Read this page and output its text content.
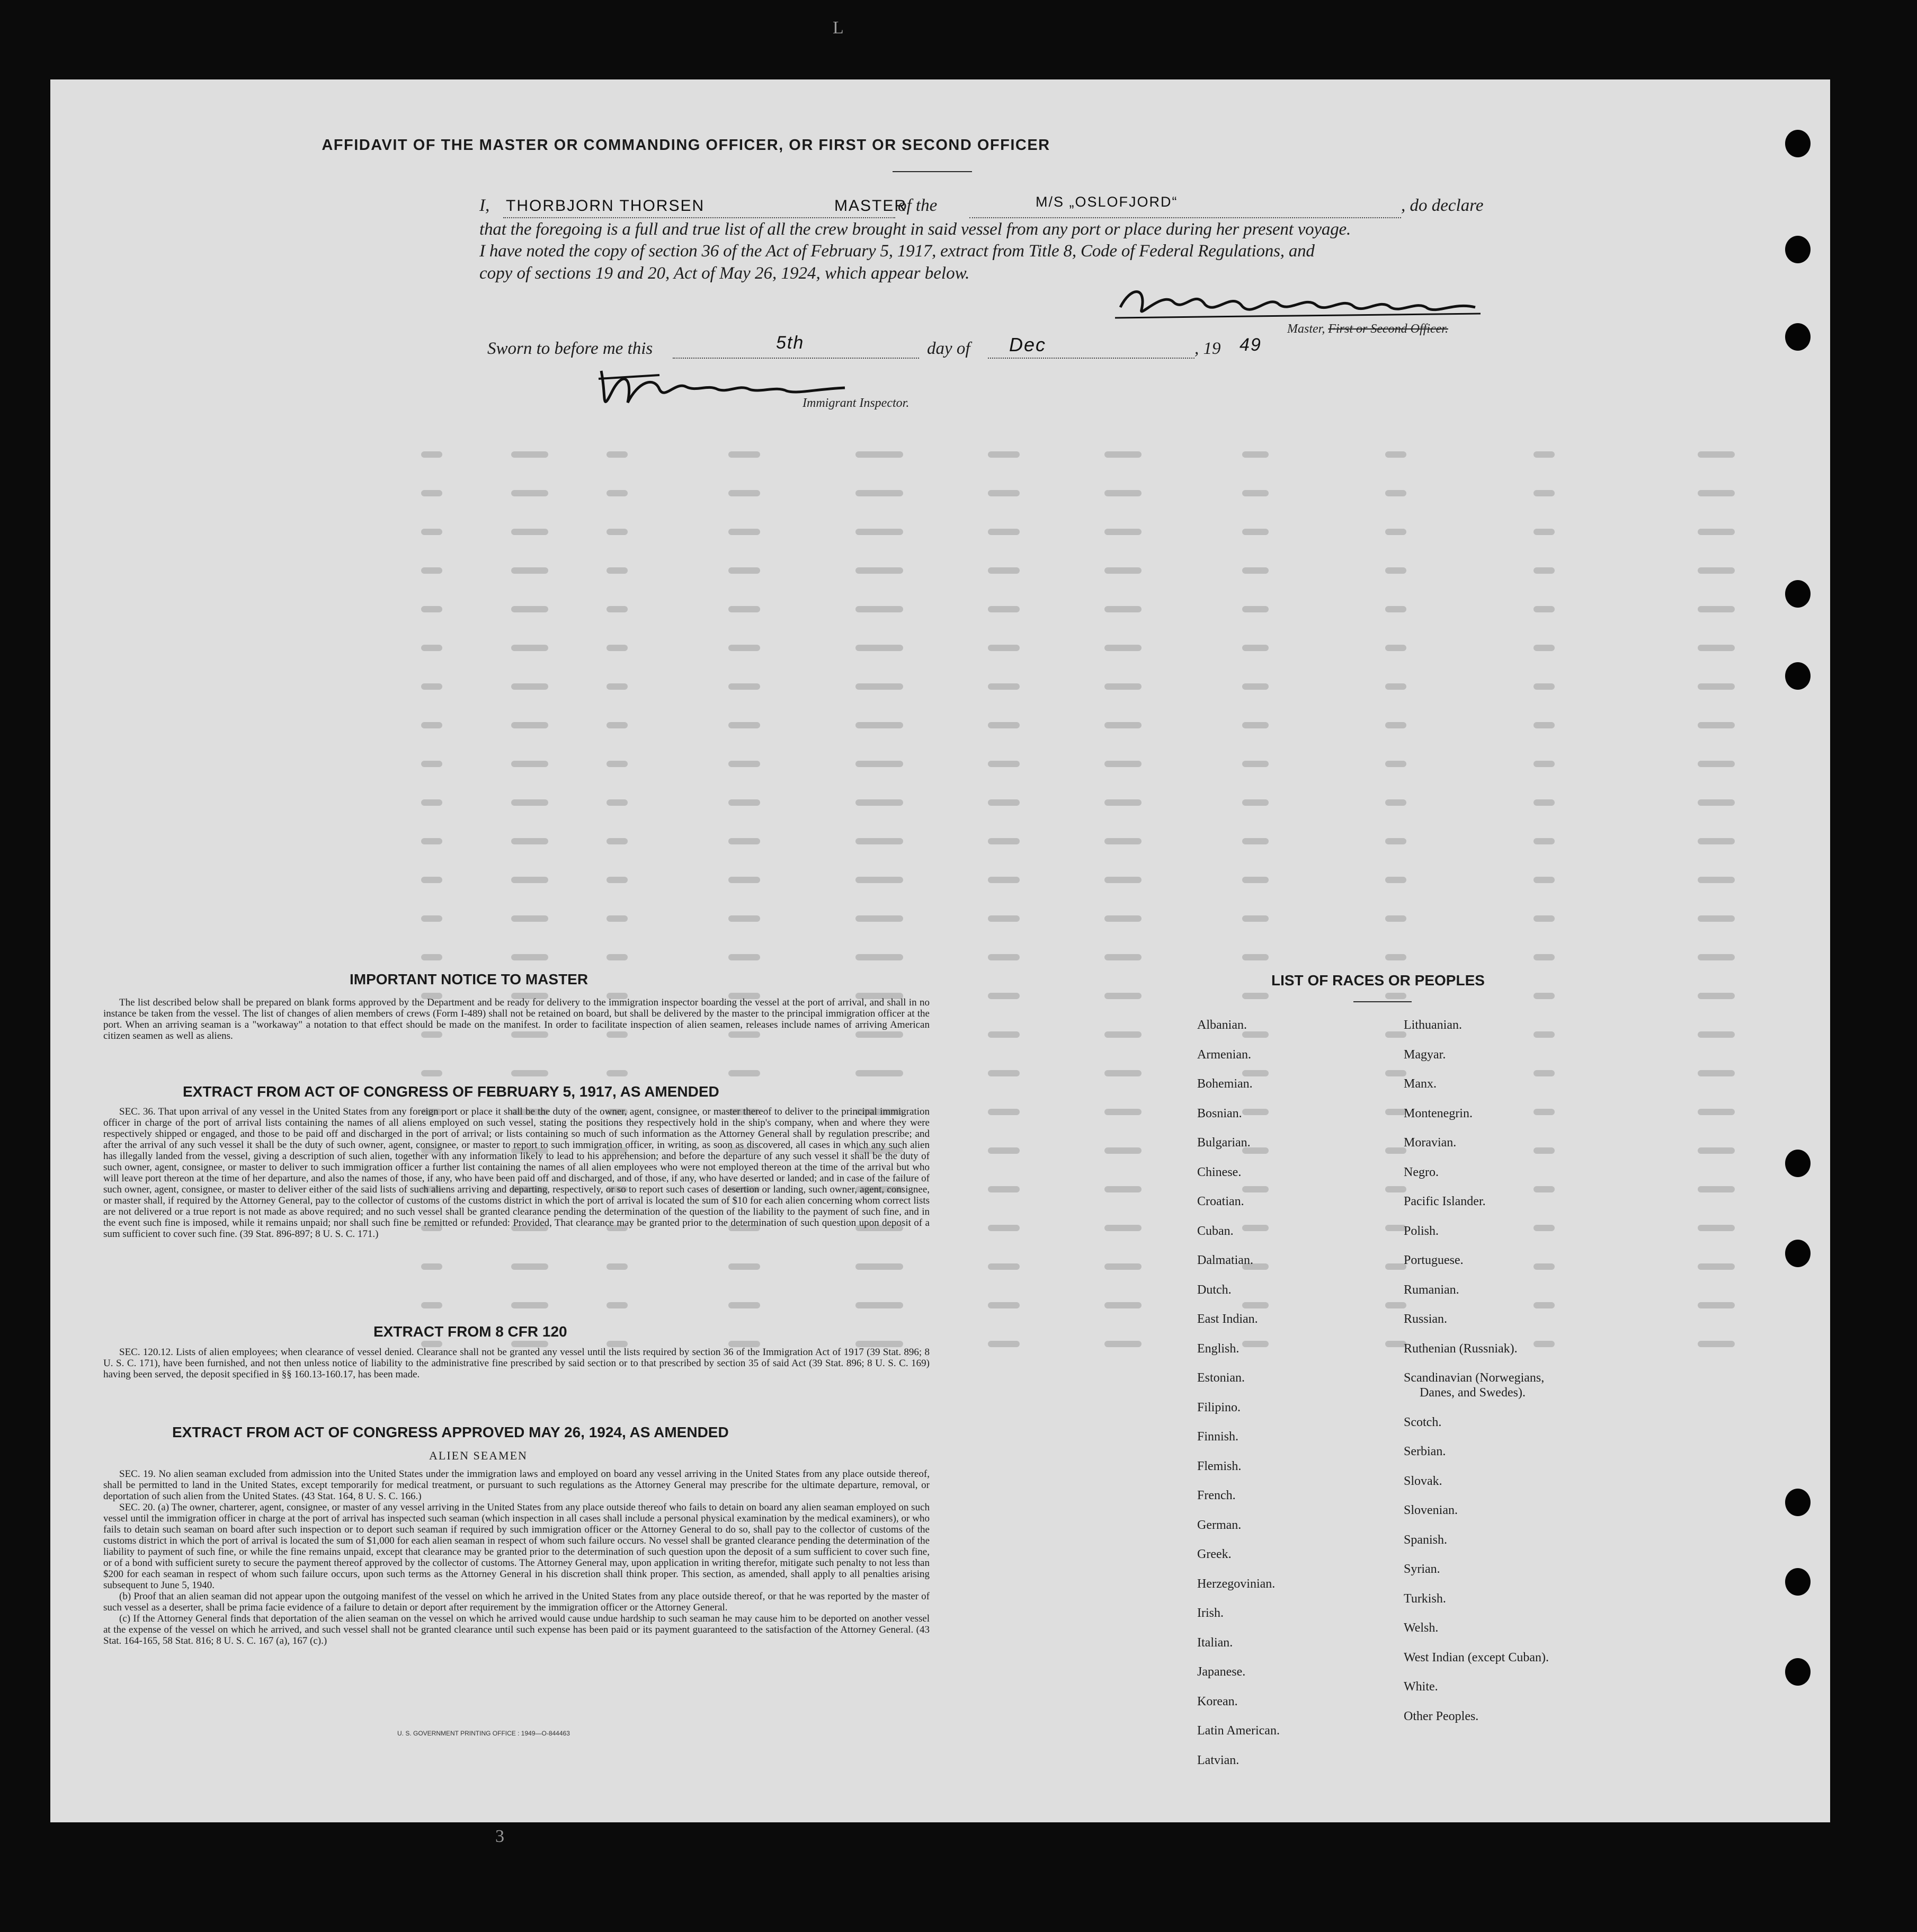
L
3
AFFIDAVIT OF THE MASTER OR COMMANDING OFFICER, OR FIRST OR SECOND OFFICER
I, THORBJORN THORSEN	MASTER
of the	M/S „OSLOFJORD“	, do declare
that the foregoing is a full and true list of all the crew brought in said vessel from any port or place during her present voyage.
I have noted the copy of section 36 of the Act of February 5, 1917, extract from Title 8, Code of Federal Regulations, and
copy of sections 19 and 20, Act of May 26, 1924, which appear below.
Master, First or Second Officer.
Sworn to before me this	5th	day of Dec	, 19 49
Immigrant Inspector.
IMPORTANT NOTICE TO MASTER

The list described below shall be prepared on blank forms approved by the Department and be ready for delivery to the immigration inspector boarding the vessel at the port of arrival, and shall in no instance be taken from the vessel. The list of changes of alien members of crews (Form I-489) shall not be retained on board, but shall be delivered by the master to the principal immigration officer at the port. When an arriving seaman is a "workaway" a notation to that effect should be made on the manifest. In order to facilitate inspection of alien seamen, releases include names of arriving American citizen seamen as well as aliens.

EXTRACT FROM ACT OF CONGRESS OF FEBRUARY 5, 1917, AS AMENDED

SEC. 36. That upon arrival of any vessel in the United States from any foreign port or place it shall be the duty of the owner, agent, consignee, or master thereof to deliver to the principal immigration officer in charge of the port of arrival lists containing the names of all aliens employed on such vessel, stating the positions they respectively hold in the ship's company, when and where they were respectively shipped or engaged, and those to be paid off and discharged in the port of arrival; or lists containing so much of such information as the Attorney General shall by regulation prescribe; and after the arrival of any such vessel it shall be the duty of such owner, agent, consignee, or master to report to such immigration officer, in writing, as soon as discovered, all cases in which any such alien has illegally landed from the vessel, giving a description of such alien, together with any information likely to lead to his apprehension; and before the departure of any such vessel it shall be the duty of such owner, agent, consignee, or master to deliver to such immigration officer a further list containing the names of all alien employees who were not employed thereon at the time of the arrival but who will leave port thereon at the time of her departure, and also the names of those, if any, who have been paid off and discharged, and of those, if any, who have deserted or landed; and in case of the failure of such owner, agent, consignee, or master to deliver either of the said lists of such aliens arriving and departing, respectively, or so to report such cases of desertion or landing, such owner, agent, consignee, or master shall, if required by the Attorney General, pay to the collector of customs of the customs district in which the port of arrival is located the sum of $10 for each alien concerning whom correct lists are not delivered or a true report is not made as above required; and no such vessel shall be granted clearance pending the determination of the question of the liability to the payment of such fine, and in the event such fine is imposed, while it remains unpaid; nor shall such fine be remitted or refunded: Provided, That clearance may be granted prior to the determination of such question upon deposit of a sum sufficient to cover such fine. (39 Stat. 896-897; 8 U. S. C. 171.)

EXTRACT FROM 8 CFR 120

SEC. 120.12. Lists of alien employees; when clearance of vessel denied. Clearance shall not be granted any vessel until the lists required by section 36 of the Immigration Act of 1917 (39 Stat. 896; 8 U. S. C. 171), have been furnished, and not then unless notice of liability to the administrative fine prescribed by said section or to that prescribed by section 35 of said Act (39 Stat. 896; 8 U. S. C. 169) having been served, the deposit specified in §§ 160.13-160.17, has been made.

EXTRACT FROM ACT OF CONGRESS APPROVED MAY 26, 1924, AS AMENDED
ALIEN SEAMEN

SEC. 19. No alien seaman excluded from admission into the United States under the immigration laws and employed on board any vessel arriving in the United States from any place outside thereof, shall be permitted to land in the United States, except temporarily for medical treatment, or pursuant to such regulations as the Attorney General may prescribe for the ultimate departure, removal, or deportation of such alien from the United States. (43 Stat. 164, 8 U. S. C. 166.)

SEC. 20. (a) The owner, charterer, agent, consignee, or master of any vessel arriving in the United States from any place outside thereof who fails to detain on board any alien seaman employed on such vessel until the immigration officer in charge at the port of arrival has inspected such seaman (which inspection in all cases shall include a personal physical examination by the medical examiners), or who fails to detain such seaman on board after such inspection or to deport such seaman if required by such immigration officer or the Attorney General to do so, shall pay to the collector of customs of the customs district in which the port of arrival is located the sum of $1,000 for each alien seaman in respect of whom such failure occurs. No vessel shall be granted clearance pending the determination of the liability to payment of such fine, or while the fine remains unpaid, except that clearance may be granted prior to the determination of such question upon the deposit of a sum sufficient to cover such fine, or of a bond with sufficient surety to secure the payment thereof approved by the collector of customs. The Attorney General may, upon application in writing therefor, mitigate such penalty to not less than $200 for each seaman in respect of whom such failure occurs, upon such terms as the Attorney General in his discretion shall think proper. This section, as amended, shall apply to all penalties arising subsequent to June 5, 1940.

(b) Proof that an alien seaman did not appear upon the outgoing manifest of the vessel on which he arrived in the United States from any place outside thereof, or that he was reported by the master of such vessel as a deserter, shall be prima facie evidence of a failure to detain or deport after requirement by the immigration officer or the Attorney General.

(c) If the Attorney General finds that deportation of the alien seaman on the vessel on which he arrived would cause undue hardship to such seaman he may cause him to be deported on another vessel at the expense of the vessel on which he arrived, and such vessel shall not be granted clearance until such expense has been paid or its payment guaranteed to the satisfaction of the Attorney General. (43 Stat. 164-165, 58 Stat. 816; 8 U. S. C. 167 (a), 167 (c).)

U. S. GOVERNMENT PRINTING OFFICE : 1949—O-844463
LIST OF RACES OR PEOPLES
Albanian.
Armenian.
Bohemian.
Bosnian.
Bulgarian.
Chinese.
Croatian.
Cuban.
Dalmatian.
Dutch.
East Indian.
English.
Estonian.
Filipino.
Finnish.
Flemish.
French.
German.
Greek.
Herzegovinian.
Irish.
Italian.
Japanese.
Korean.
Latin American.
Latvian.
Lithuanian.
Magyar.
Manx.
Montenegrin.
Moravian.
Negro.
Pacific Islander.
Polish.
Portuguese.
Rumanian.
Russian.
Ruthenian (Russniak).
Scandinavian (Norwegians,
Danes, and Swedes).
Scotch.
Serbian.
Slovak.
Slovenian.
Spanish.
Syrian.
Turkish.
Welsh.
West Indian (except Cuban).
White.
Other Peoples.
